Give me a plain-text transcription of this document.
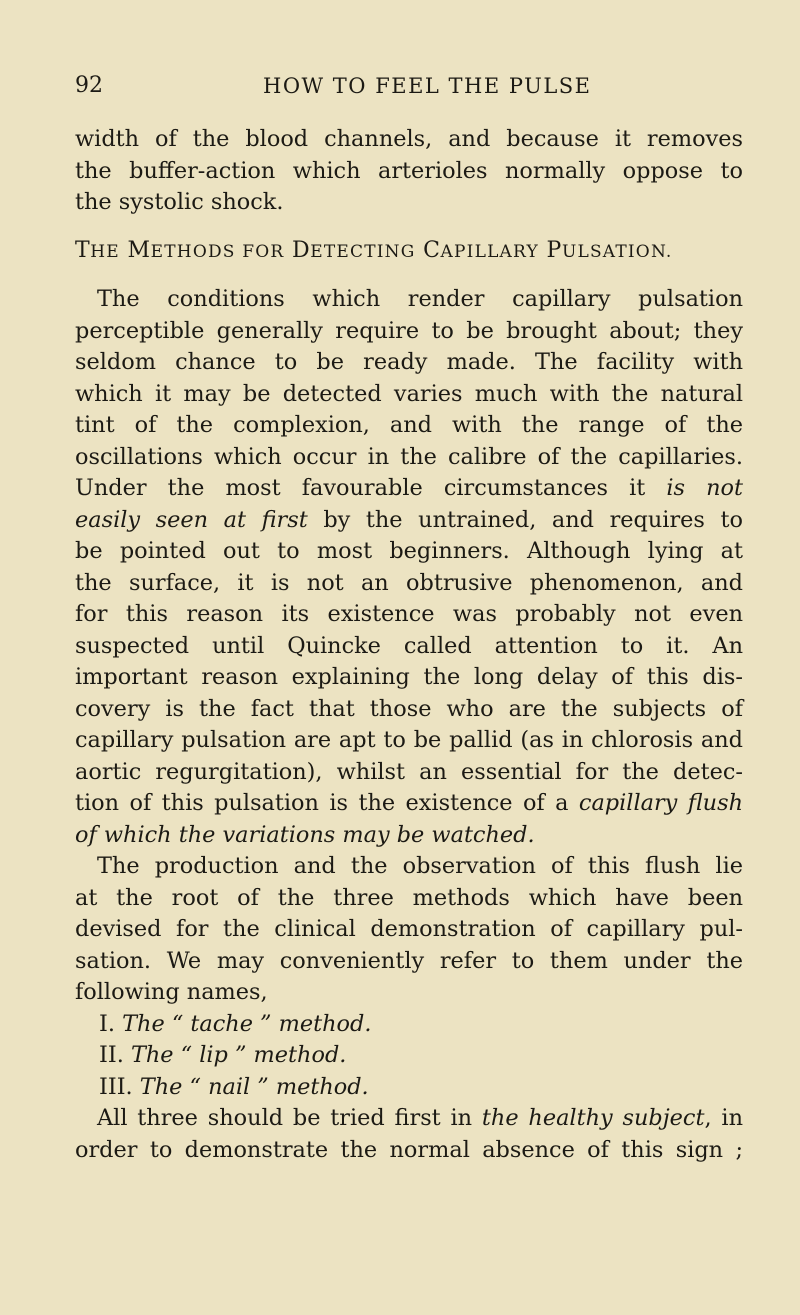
92	HOW TO FEEL THE PULSE
width of the blood channels, and because it removes
the buffer-action which arterioles normally oppose to
the systolic shock.
THE METHODS FOR DETECTING CAPILLARY PULSATION.
The conditions which render capillary pulsation
perceptible generally require to be brought about; they
seldom chance to be ready made. The facility with
which it may be detected varies much with the natural
tint of the complexion, and with the range of the
oscillations which occur in the calibre of the capillaries.
Under the most favourable circumstances it is not
easily seen at first by the untrained, and requires to
be pointed out to most beginners. Although lying at
the surface, it is not an obtrusive phenomenon, and
for this reason its existence was probably not even
suspected until Quincke called attention to it. An
important reason explaining the long delay of this dis-
covery is the fact that those who are the subjects of
capillary pulsation are apt to be pallid (as in chlorosis and
aortic regurgitation), whilst an essential for the detec-
tion of this pulsation is the existence of a capillary flush
of which the variations may be watched.
The production and the observation of this flush lie
at the root of the three methods which have been
devised for the clinical demonstration of capillary pul-
sation. We may conveniently refer to them under the
following names,
I. The “ tache ” method.
II. The “ lip ” method.
III. The “ nail ” method.
All three should be tried first in the healthy subject, in
order to demonstrate the normal absence of this sign ;
